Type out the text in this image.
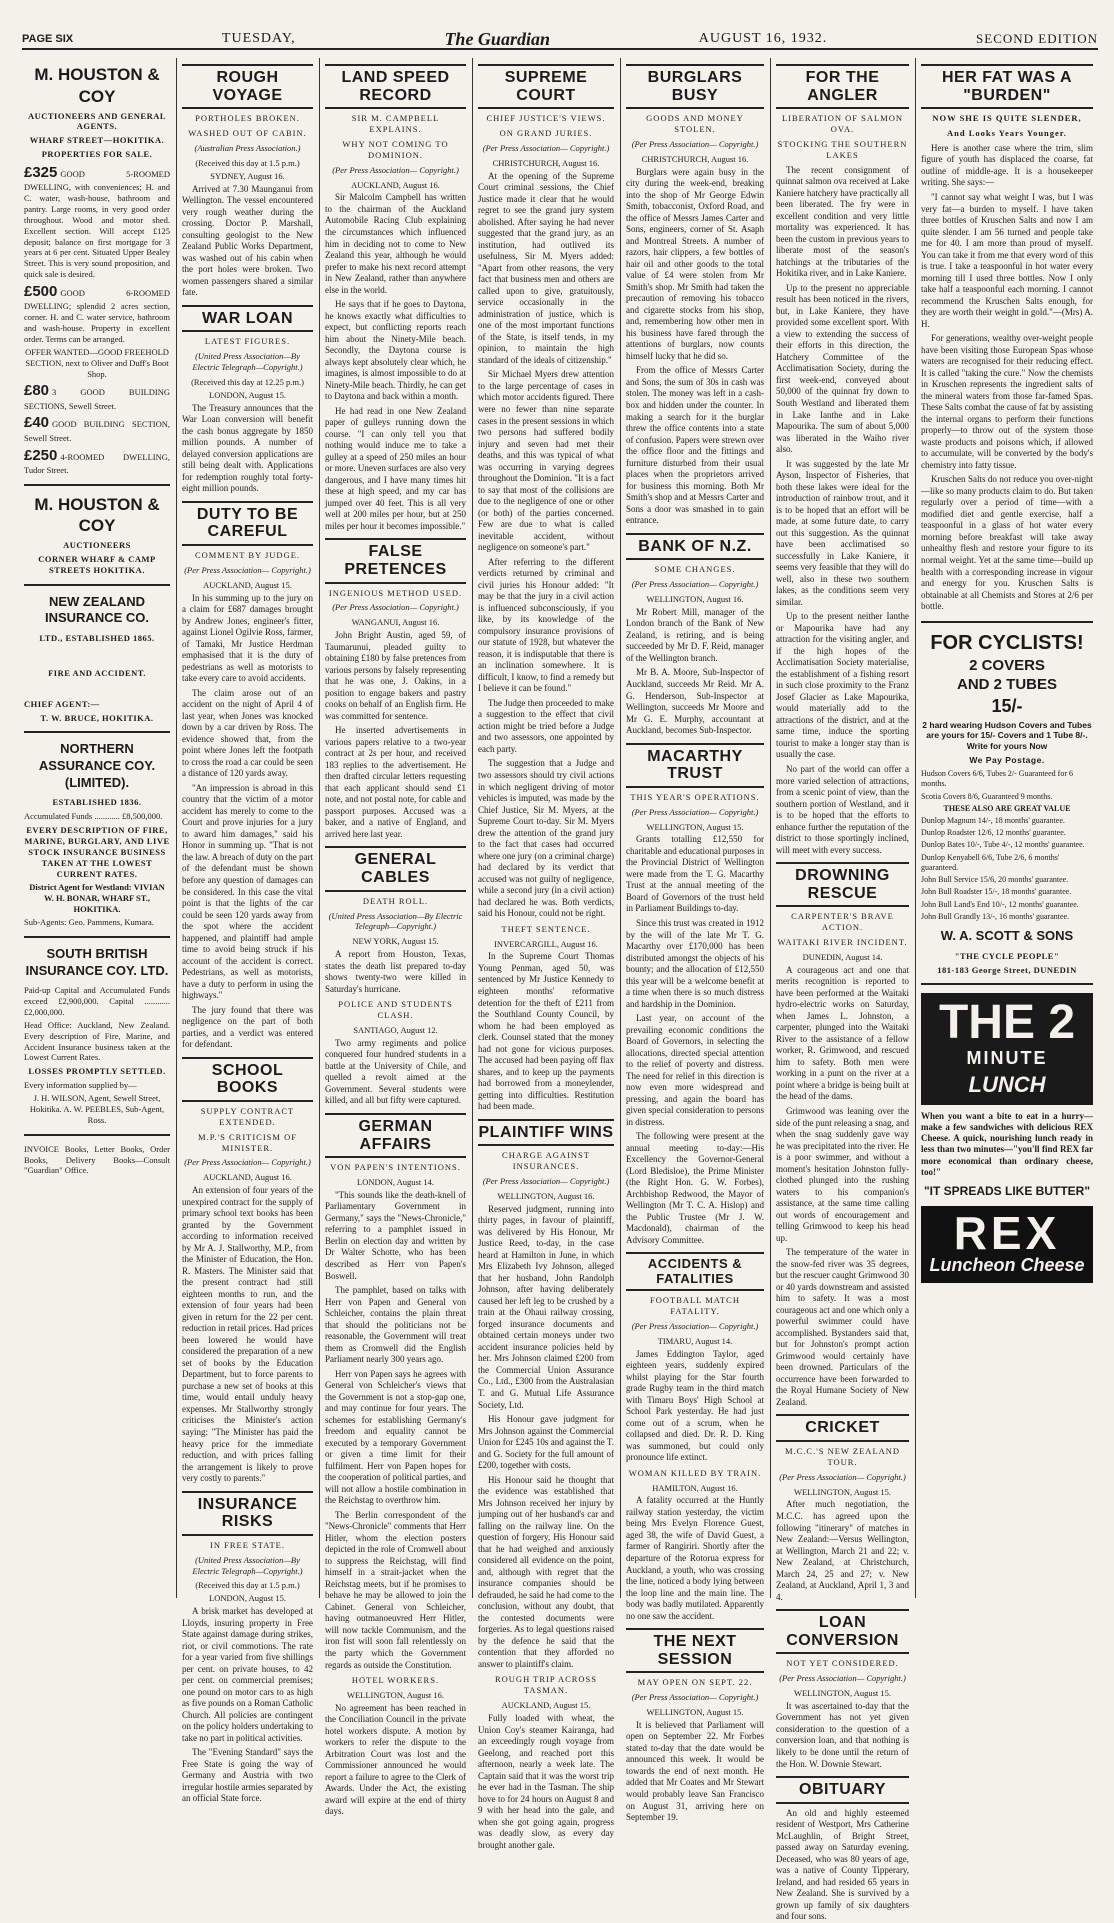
PAGE SIX	TUESDAY,	The Guardian	AUGUST 16, 1932.	SECOND EDITION
M. HOUSTON & COY
AUCTIONEERS AND GENERAL AGENTS.
WHARF STREET—HOKITIKA.
PROPERTIES FOR SALE.
£325 GOOD 5-ROOMED DWELLING, with conveniences; H. and C. water, wash-house, bathroom and pantry. Large rooms, in very good order throughout. Wood and motor shed. Excellent section. Will accept £125 deposit; balance on first mortgage for 3 years at 6 per cent. Situated Upper Bealey Street. This is very sound proposition, and quick sale is desired.
£500 GOOD 6-ROOMED DWELLING; splendid 2 acres section, corner. H. and C. water service, bathroom and wash-house. Property in excellent order. Terms can be arranged.
OFFER WANTED—GOOD FREEHOLD SECTION, next to Oliver and Duff's Boot Shop.
£80 3 GOOD BUILDING SECTIONS, Sewell Street.
£40 GOOD BUILDING SECTION, Sewell Street.
£250 4-ROOMED DWELLING, Tudor Street.
M. HOUSTON & COY
AUCTIONEERS
CORNER WHARF & CAMP STREETS HOKITIKA.
NEW ZEALAND INSURANCE CO.
LTD., ESTABLISHED 1865.
FIRE AND ACCIDENT.
CHIEF AGENT:—
T. W. BRUCE, HOKITIKA.
NORTHERN ASSURANCE COY. (LIMITED).
ESTABLISHED 1836.
Accumulated Funds ............ £8,500,000.
EVERY DESCRIPTION OF FIRE, MARINE, BURGLARY, AND LIVE STOCK INSURANCE BUSINESS TAKEN AT THE LOWEST CURRENT RATES.
District Agent for Westland: VIVIAN W. H. BONAR, WHARF ST., HOKITIKA.
Sub-Agents: Geo. Pammens, Kumara.
SOUTH BRITISH INSURANCE COY. LTD.
Paid-up Capital and Accumulated Funds exceed £2,900,000. Capital ............ £2,000,000.
Head Office: Auckland, New Zealand. Every description of Fire, Marine, and Accident Insurance business taken at the Lowest Current Rates.
LOSSES PROMPTLY SETTLED.
Every information supplied by—
J. H. WILSON, Agent, Sewell Street, Hokitika. A. W. PEEBLES, Sub-Agent, Ross.
INVOICE Books, Letter Books, Order Books, Delivery Books—Consult "Guardian" Office.
ROUGH VOYAGE
PORTHOLES BROKEN.
WASHED OUT OF CABIN.
(Australian Press Association.)
(Received this day at 1.5 p.m.)
SYDNEY, August 16.

Arrived at 7.30 Maunganui from Wellington. The vessel encountered very rough weather during the crossing. Doctor P. Marshall, consulting geologist to the New Zealand Public Works Department, was washed out of his cabin when the port holes were broken. Two women passengers shared a similar fate.

WAR LOAN
LATEST FIGURES.
(United Press Association—By Electric Telegraph—Copyright.)
(Received this day at 12.25 p.m.)
LONDON, August 15.

The Treasury announces that the War Loan conversion will benefit the cash bonus aggregate by 1850 million pounds. A number of delayed conversion applications are still being dealt with. Applications for redemption roughly total forty-eight million pounds.

DUTY TO BE CAREFUL
COMMENT BY JUDGE.
(Per Press Association— Copyright.)
AUCKLAND, August 15.

In his summing up to the jury on a claim for £687 damages brought by Andrew Jones, engineer's fitter, against Lionel Ogilvie Ross, farmer, of Tamaki, Mr Justice Herdman emphasised that it is the duty of pedestrians as well as motorists to take every care to avoid accidents.

The claim arose out of an accident on the night of April 4 of last year, when Jones was knocked down by a car driven by Ross. The evidence showed that, from the point where Jones left the footpath to cross the road a car could be seen a distance of 120 yards away.

"An impression is abroad in this country that the victim of a motor accident has merely to come to the Court and prove injuries for a jury to award him damages," said his Honor in summing up. "That is not the law. A breach of duty on the part of the defendant must be shown before any question of damages can be considered. In this case the vital point is that the lights of the car could be seen 120 yards away from the spot where the accident happened, and plaintiff had ample time to avoid being struck if his account of the accident is correct. Pedestrians, as well as motorists, have a duty to perform in using the highways."

The jury found that there was negligence on the part of both parties, and a verdict was entered for defendant.

SCHOOL BOOKS
SUPPLY CONTRACT EXTENDED.
M.P.'S CRITICISM OF MINISTER.
(Per Press Association— Copyright.)
AUCKLAND, August 16.

An extension of four years of the unexpired contract for the supply of primary school text books has been granted by the Government according to information received by Mr A. J. Stallworthy, M.P., from the Minister of Education, the Hon. R. Masters. The Minister said that the present contract had still eighteen months to run, and the extension of four years had been given in return for the 22 per cent. reduction in retail prices. Had prices been lowered he would have considered the preparation of a new set of books by the Education Department, but to force parents to purchase a new set of books at this time, would entail unduly heavy expenses. Mr Stallworthy strongly criticises the Minister's action saying: "The Minister has paid the heavy price for the immediate reduction, and with prices falling the arrangement is likely to prove very costly to parents."

INSURANCE RISKS
IN FREE STATE.
(United Press Association—By Electric Telegraph—Copyright.)
(Received this day at 1.5 p.m.)
LONDON, August 15.

A brisk market has developed at Lloyds, insuring property in Free State against damage during strikes, riot, or civil commotions. The rate for a year varied from five shillings per cent. on private houses, to 42 per cent. on commercial premises; one pound on motor cars to as high as five pounds on a Roman Catholic Church. All policies are contingent on the policy holders undertaking to take no part in political activities.

The "Evening Standard" says the Free State is going the way of Germany and Austria with two irregular hostile armies separated by an official State force.

LAND SPEED RECORD
SIR M. CAMPBELL EXPLAINS.
WHY NOT COMING TO DOMINION.
(Per Press Association— Copyright.)
AUCKLAND, August 16.

Sir Malcolm Campbell has written to the chairman of the Auckland Automobile Racing Club explaining the circumstances which influenced him in deciding not to come to New Zealand this year, although he would prefer to make his next record attempt in New Zealand, rather than anywhere else in the world.

He says that if he goes to Daytona, he knows exactly what difficulties to expect, but conflicting reports reach him about the Ninety-Mile beach. Secondly, the Daytona course is always kept absolutely clear which, he imagines, is almost impossible to do at Ninety-Mile beach. Thirdly, he can get to Daytona and back within a month.

He had read in one New Zealand paper of gulleys running down the course. "I can only tell you that nothing would induce me to take a gulley at a speed of 250 miles an hour or more. Uneven surfaces are also very dangerous, and I have many times hit these at high speed, and my car has jumped over 40 feet. This is all very well at 200 miles per hour, but at 250 miles per hour it becomes impossible."

FALSE PRETENCES
INGENIOUS METHOD USED.
(Per Press Association— Copyright.)
WANGANUI, August 16.

John Bright Austin, aged 59, of Taumarunui, pleaded guilty to obtaining £180 by false pretences from various persons by falsely representing that he was one, J. Oakins, in a position to engage bakers and pastry cooks on behalf of an English firm. He was committed for sentence.

He inserted advertisements in various papers relative to a two-year contract at 2s per hour, and received 183 replies to the advertisement. He then drafted circular letters requesting that each applicant should send £1 note, and not postal note, for cable and passport purposes. Accused was a baker, and a native of England, and arrived here last year.

GENERAL CABLES
DEATH ROLL.
(United Press Association—By Electric Telegraph—Copyright.)
NEW YORK, August 15.

A report from Houston, Texas, states the death list prepared to-day shows twenty-two were killed in Saturday's hurricane.

POLICE AND STUDENTS CLASH.
SANTIAGO, August 12.

Two army regiments and police conquered four hundred students in a battle at the University of Chile, and quelled a revolt aimed at the Government. Several students were killed, and all but fifty were captured.

GERMAN AFFAIRS
VON PAPEN'S INTENTIONS.
LONDON, August 14.

"This sounds like the death-knell of Parliamentary Government in Germany," says the "News-Chronicle," referring to a pamphlet issued in Berlin on election day and written by Dr Walter Schotte, who has been described as Herr von Papen's Boswell.

The pamphlet, based on talks with Herr von Papen and General von Schleicher, contains the plain threat that should the politicians not be reasonable, the Government will treat them as Cromwell did the English Parliament nearly 300 years ago.

Herr von Papen says he agrees with General von Schleicher's views that the Government is not a stop-gap one, and may continue for four years. The schemes for establishing Germany's freedom and equality cannot be executed by a temporary Government or given a time limit for their fulfilment. Herr von Papen hopes for the cooperation of political parties, and will not allow a hostile combination in the Reichstag to overthrow him.

The Berlin correspondent of the "News-Chronicle" comments that Herr Hitler, whom the election posters depicted in the role of Cromwell about to suppress the Reichstag, will find himself in a strait-jacket when the Reichstag meets, but if he promises to behave he may be allowed to join the Cabinet. General von Schleicher, having outmanoeuvred Herr Hitler, will now tackle Communism, and the iron fist will soon fall relentlessly on the party which the Government regards as outside the Constitution.

HOTEL WORKERS.
WELLINGTON, August 16.

No agreement has been reached in the Conciliation Council in the private hotel workers dispute. A motion by workers to refer the dispute to the Arbitration Court was lost and the Commissioner announced he would report a failure to agree to the Clerk of Awards. Under the Act, the existing award will expire at the end of thirty days.

SUPREME COURT
CHIEF JUSTICE'S VIEWS.
ON GRAND JURIES.
(Per Press Association— Copyright.)
CHRISTCHURCH, August 16.

At the opening of the Supreme Court criminal sessions, the Chief Justice made it clear that he would regret to see the grand jury system abolished. After saying he had never suggested that the grand jury, as an institution, had outlived its usefulness, Sir M. Myers added: "Apart from other reasons, the very fact that business men and others are called upon to give, gratuitously, service occasionally in the administration of justice, which is one of the most important functions of the State, is itself tends, in my opinion, to maintain the high standard of the ideals of citizenship."

Sir Michael Myers drew attention to the large percentage of cases in which motor accidents figured. There were no fewer than nine separate cases in the present sessions in which two persons had suffered bodily injury and seven had met their deaths, and this was typical of what was occurring in varying degrees throughout the Dominion. "It is a fact to say that most of the collisions are due to the negligence of one or other (or both) of the parties concerned. Few are due to what is called inevitable accident, without negligence on someone's part."

After referring to the different verdicts returned by criminal and civil juries his Honour added: "It may be that the jury in a civil action is influenced subconsciously, if you like, by its knowledge of the compulsory insurance provisions of our statute of 1928, but whatever the reason, it is indisputable that there is an inclination somewhere. It is difficult, I know, to find a remedy but I believe it can be found."

The Judge then proceeded to make a suggestion to the effect that civil action might be tried before a Judge and two assessors, one appointed by each party.

The suggestion that a Judge and two assessors should try civil actions in which negligent driving of motor vehicles is imputed, was made by the Chief Justice, Sir M. Myers, at the Supreme Court to-day. Sir M. Myers drew the attention of the grand jury to the fact that cases had occurred where one jury (on a criminal charge) had declared by its verdict that accused was not guilty of negligence, while a second jury (in a civil action) had declared he was. Both verdicts, said his Honour, could not be right.

THEFT SENTENCE.
INVERCARGILL, August 16.

In the Supreme Court Thomas Young Penman, aged 50, was sentenced by Mr Justice Kennedy to eighteen months' reformative detention for the theft of £211 from the Southland County Council, by whom he had been employed as clerk. Counsel stated that the money had not gone for vicious purposes. The accused had been paying off flax shares, and to keep up the payments had borrowed from a moneylender, getting into difficulties. Restitution had been made.

PLAINTIFF WINS
CHARGE AGAINST INSURANCES.
(Per Press Association— Copyright.)
WELLINGTON, August 16.

Reserved judgment, running into thirty pages, in favour of plaintiff, was delivered by His Honour, Mr Justice Reed, to-day, in the case heard at Hamilton in June, in which Mrs Elizabeth Ivy Johnson, alleged that her husband, John Randolph Johnson, after having deliberately caused her left leg to be crushed by a train at the Ohaui railway crossing, forged insurance documents and obtained certain moneys under two accident insurance policies held by her. Mrs Johnson claimed £200 from the Commercial Union Assurance Co., Ltd., £300 from the Australasian T. and G. Mutual Life Assurance Society, Ltd.

His Honour gave judgment for Mrs Johnson against the Commercial Union for £245 10s and against the T. and G. Society for the full amount of £200, together with costs.

His Honour said he thought that the evidence was established that Mrs Johnson received her injury by jumping out of her husband's car and falling on the railway line. On the question of forgery, His Honour said that he had weighed and anxiously considered all evidence on the point, and, although with regret that the insurance companies should be defrauded, he said he had come to the conclusion, without any doubt, that the contested documents were forgeries. As to legal questions raised by the defence he said that the contention that they afforded no answer to plaintiff's claim.

ROUGH TRIP ACROSS TASMAN.
AUCKLAND, August 15.

Fully loaded with wheat, the Union Coy's steamer Kairanga, had an exceedingly rough voyage from Geelong, and reached port this afternoon, nearly a week late. The Captain said that it was the worst trip he ever had in the Tasman. The ship hove to for 24 hours on August 8 and 9 with her head into the gale, and when she got going again, progress was deadly slow, as every day brought another gale.

BURGLARS BUSY
GOODS AND MONEY STOLEN.
(Per Press Association— Copyright.)
CHRISTCHURCH, August 16.

Burglars were again busy in the city during the week-end, breaking into the shop of Mr George Edwin Smith, tobacconist, Oxford Road, and the office of Messrs James Carter and Sons, engineers, corner of St. Asaph and Montreal Streets. A number of razors, hair clippers, a few bottles of hair oil and other goods to the total value of £4 were stolen from Mr Smith's shop. Mr Smith had taken the precaution of removing his tobacco and cigarette stocks from his shop, and, remembering how other men in his business have fared through the attentions of burglars, now counts himself lucky that he did so.

From the office of Messrs Carter and Sons, the sum of 30s in cash was stolen. The money was left in a cash-box and hidden under the counter. In making a search for it the burglar threw the office contents into a state of confusion. Papers were strewn over the office floor and the fittings and furniture disturbed from their usual places when the proprietors arrived for business this morning. Both Mr Smith's shop and at Messrs Carter and Sons a door was smashed in to gain entrance.

BANK OF N.Z.
SOME CHANGES.
(Per Press Association— Copyright.)
WELLINGTON, August 16.

Mr Robert Mill, manager of the London branch of the Bank of New Zealand, is retiring, and is being succeeded by Mr D. F. Reid, manager of the Wellington branch.

Mr B. A. Moore, Sub-Inspector of Auckland, succeeds Mr Reid. Mr A. G. Henderson, Sub-Inspector at Wellington, succeeds Mr Moore and Mr G. E. Murphy, accountant at Auckland, becomes Sub-Inspector.

MACARTHY TRUST
THIS YEAR'S OPERATIONS.
(Per Press Association— Copyright.)
WELLINGTON, August 15.

Grants totalling £12,550 for charitable and educational purposes in the Provincial District of Wellington were made from the T. G. Macarthy Trust at the annual meeting of the Board of Governors of the trust held in Parliament Buildings to-day.

Since this trust was created in 1912 by the will of the late Mr T. G. Macarthy over £170,000 has been distributed amongst the objects of his bounty; and the allocation of £12,550 this year will be a welcome benefit at a time when there is so much distress and hardship in the Dominion.

Last year, on account of the prevailing economic conditions the Board of Governors, in selecting the allocations, directed special attention to the relief of poverty and distress. The need for relief in this direction is now even more widespread and pressing, and again the board has given special consideration to persons in distress.

The following were present at the annual meeting to-day:—His Excellency the Governor-General (Lord Bledisloe), the Prime Minister (the Right Hon. G. W. Forbes), Archbishop Redwood, the Mayor of Wellington (Mr T. C. A. Hislop) and the Public Trustee (Mr J. W. Macdonald), chairman of the Advisory Committee.

ACCIDENTS & FATALITIES
FOOTBALL MATCH FATALITY.
(Per Press Association— Copyright.)
TIMARU, August 14.

James Eddington Taylor, aged eighteen years, suddenly expired whilst playing for the Star fourth grade Rugby team in the third match with Timaru Boys' High School at School Park yesterday. He had just come out of a scrum, when he collapsed and died. Dr. R. D. King was summoned, but could only pronounce life extinct.

WOMAN KILLED BY TRAIN.
HAMILTON, August 16.

A fatality occurred at the Huntly railway station yesterday, the victim being Mrs Evelyn Florence Guest, aged 38, the wife of David Guest, a farmer of Rangiriri. Shortly after the departure of the Rotorua express for Auckland, a youth, who was crossing the line, noticed a body lying between the loop line and the main line. The body was badly mutilated. Apparently no one saw the accident.

THE NEXT SESSION
MAY OPEN ON SEPT. 22.
(Per Press Association— Copyright.)
WELLINGTON, August 15.

It is believed that Parliament will open on September 22. Mr Forbes stated to-day that the date would be announced this week. It would be towards the end of next month. He added that Mr Coates and Mr Stewart would probably leave San Francisco on August 31, arriving here on September 19.

FOR THE ANGLER
LIBERATION OF SALMON OVA.
STOCKING THE SOUTHERN LAKES

The recent consignment of quinnat salmon ova received at Lake Kaniere hatchery have practically all been liberated. The fry were in excellent condition and very little mortality was experienced. It has been the custom in previous years to liberate most of the season's hatchings at the tributaries of the Hokitika river, and in Lake Kaniere.

Up to the present no appreciable result has been noticed in the rivers, but, in Lake Kaniere, they have provided some excellent sport. With a view to extending the success of their efforts in this direction, the Hatchery Committee of the Acclimatisation Society, during the first week-end, conveyed about 50,000 of the quinnat fry down to South Westland and liberated them in Lake Ianthe and in Lake Mapourika. The sum of about 5,000 was liberated in the Waiho river also.

It was suggested by the late Mr Ayson, Inspector of Fisheries, that both these lakes were ideal for the introduction of rainbow trout, and it is to be hoped that an effort will be made, at some future date, to carry out this suggestion. As the quinnat have been acclimatised so successfully in Lake Kaniere, it seems very feasible that they will do well, also in these two southern lakes, as the conditions seem very similar.

Up to the present neither Ianthe or Mapourika have had any attraction for the visiting angler, and if the high hopes of the Acclimatisation Society materialise, the establishment of a fishing resort in such close proximity to the Franz Josef Glacier as Lake Mapourika, would materially add to the attractions of the district, and at the same time, induce the sporting tourist to make a longer stay than is usually the case.

No part of the world can offer a more varied selection of attractions, from a scenic point of view, than the southern portion of Westland, and it is to be hoped that the efforts to enhance further the reputation of the district to those sportingly inclined, will meet with every success.

DROWNING RESCUE
CARPENTER'S BRAVE ACTION.
WAITAKI RIVER INCIDENT.
DUNEDIN, August 14.

A courageous act and one that merits recognition is reported to have been performed at the Waitaki hydro-electric works on Saturday, when James L. Johnston, a carpenter, plunged into the Waitaki River to the assistance of a fellow worker, R. Grimwood, and rescued him to safety. Both men were working in a punt on the river at a point where a bridge is being built at the head of the dams.

Grimwood was leaning over the side of the punt releasing a snag, and when the snag suddenly gave way he was precipitated into the river. He is a poor swimmer, and without a moment's hesitation Johnston fully-clothed plunged into the rushing waters to his companion's assistance, at the same time calling out words of encouragement and telling Grimwood to keep his head up.

The temperature of the water in the snow-fed river was 35 degrees, but the rescuer caught Grimwood 30 or 40 yards downstream and assisted him to safety. It was a most courageous act and one which only a powerful swimmer could have accomplished. Bystanders said that, but for Johnston's prompt action Grimwood would certainly have been drowned. Particulars of the occurrence have been forwarded to the Royal Humane Society of New Zealand.

CRICKET
M.C.C.'S NEW ZEALAND TOUR.
(Per Press Association— Copyright.)
WELLINGTON, August 15.

After much negotiation, the M.C.C. has agreed upon the following "itinerary" of matches in New Zealand:—Versus Wellington, at Wellington, March 21 and 22; v. New Zealand, at Christchurch, March 24, 25 and 27; v. New Zealand, at Auckland, April 1, 3 and 4.

LOAN CONVERSION
NOT YET CONSIDERED.
(Per Press Association— Copyright.)
WELLINGTON, August 15.

It was ascertained to-day that the Government has not yet given consideration to the question of a conversion loan, and that nothing is likely to be done until the return of the Hon. W. Downie Stewart.

OBITUARY

An old and highly esteemed resident of Westport, Mrs Catherine McLaughlin, of Bright Street, passed away on Saturday evening. Deceased, who was 80 years of age, was a native of County Tipperary, Ireland, and had resided 65 years in New Zealand. She is survived by a grown up family of six daughters and four sons.

HER FAT WAS A "BURDEN"
NOW SHE IS QUITE SLENDER,
And Looks Years Younger.

Here is another case where the trim, slim figure of youth has displaced the coarse, fat outline of middle-age. It is a housekeeper writing. She says:—

"I cannot say what weight I was, but I was very fat—a burden to myself. I have taken three bottles of Kruschen Salts and now I am quite slender. I am 56 turned and people take me for 40. I am more than proud of myself. You can take it from me that every word of this is true. I take a teaspoonful in hot water every morning till I used three bottles. Now I only take half a teaspoonful each morning. I cannot recommend the Kruschen Salts enough, for they are worth their weight in gold."—(Mrs) A. H.

For generations, wealthy over-weight people have been visiting those European Spas whose waters are recognised for their reducing effect. It is called "taking the cure." Now the chemists in Kruschen represents the ingredient salts of the mineral waters from those far-famed Spas. These Salts combat the cause of fat by assisting the internal organs to perform their functions properly—to throw out of the system those waste products and poisons which, if allowed to accumulate, will be converted by the body's chemistry into fatty tissue.

Kruschen Salts do not reduce you over-night—like so many products claim to do. But taken regularly over a period of time—with a modified diet and gentle exercise, half a teaspoonful in a glass of hot water every morning before breakfast will take away unhealthy flesh and restore your figure to its normal weight. Yet at the same time—build up health with a corresponding increase in vigour and energy for you. Kruschen Salts is obtainable at all Chemists and Stores at 2/6 per bottle.

FOR CYCLISTS!
2 COVERS
AND 2 TUBES
15/-
2 hard wearing Hudson Covers and Tubes are yours for 15/- Covers and 1 Tube 8/-. Write for yours Now
We Pay Postage.
Hudson Covers 6/6, Tubes 2/- Guaranteed for 6 months.
Scotia Covers 8/6, Guaranteed 9 months.
THESE ALSO ARE GREAT VALUE
Dunlop Magnum 14/-, 18 months' guarantee.
Dunlop Roadster 12/6, 12 months' guarantee.
Dunlop Bates 10/-, Tube 4/-, 12 months' guarantee.
Dunlop Kenyabell 6/6, Tube 2/6, 6 months' guaranteed.
John Bull Service 15/6, 20 months' guarantee.
John Bull Roadster 15/-, 18 months' guarantee.
John Bull Land's End 10/-, 12 months' guarantee.
John Bull Grandly 13/-, 16 months' guarantee.
W. A. SCOTT & SONS
"THE CYCLE PEOPLE"
181-183 George Street, DUNEDIN
THE 2
MINUTE
LUNCH
When you want a bite to eat in a hurry—make a few sandwiches with delicious REX Cheese. A quick, nourishing lunch ready in less than two minutes—"you'll find REX far more economical than ordinary cheese, too!"
"IT SPREADS LIKE BUTTER"
REX
Luncheon Cheese
